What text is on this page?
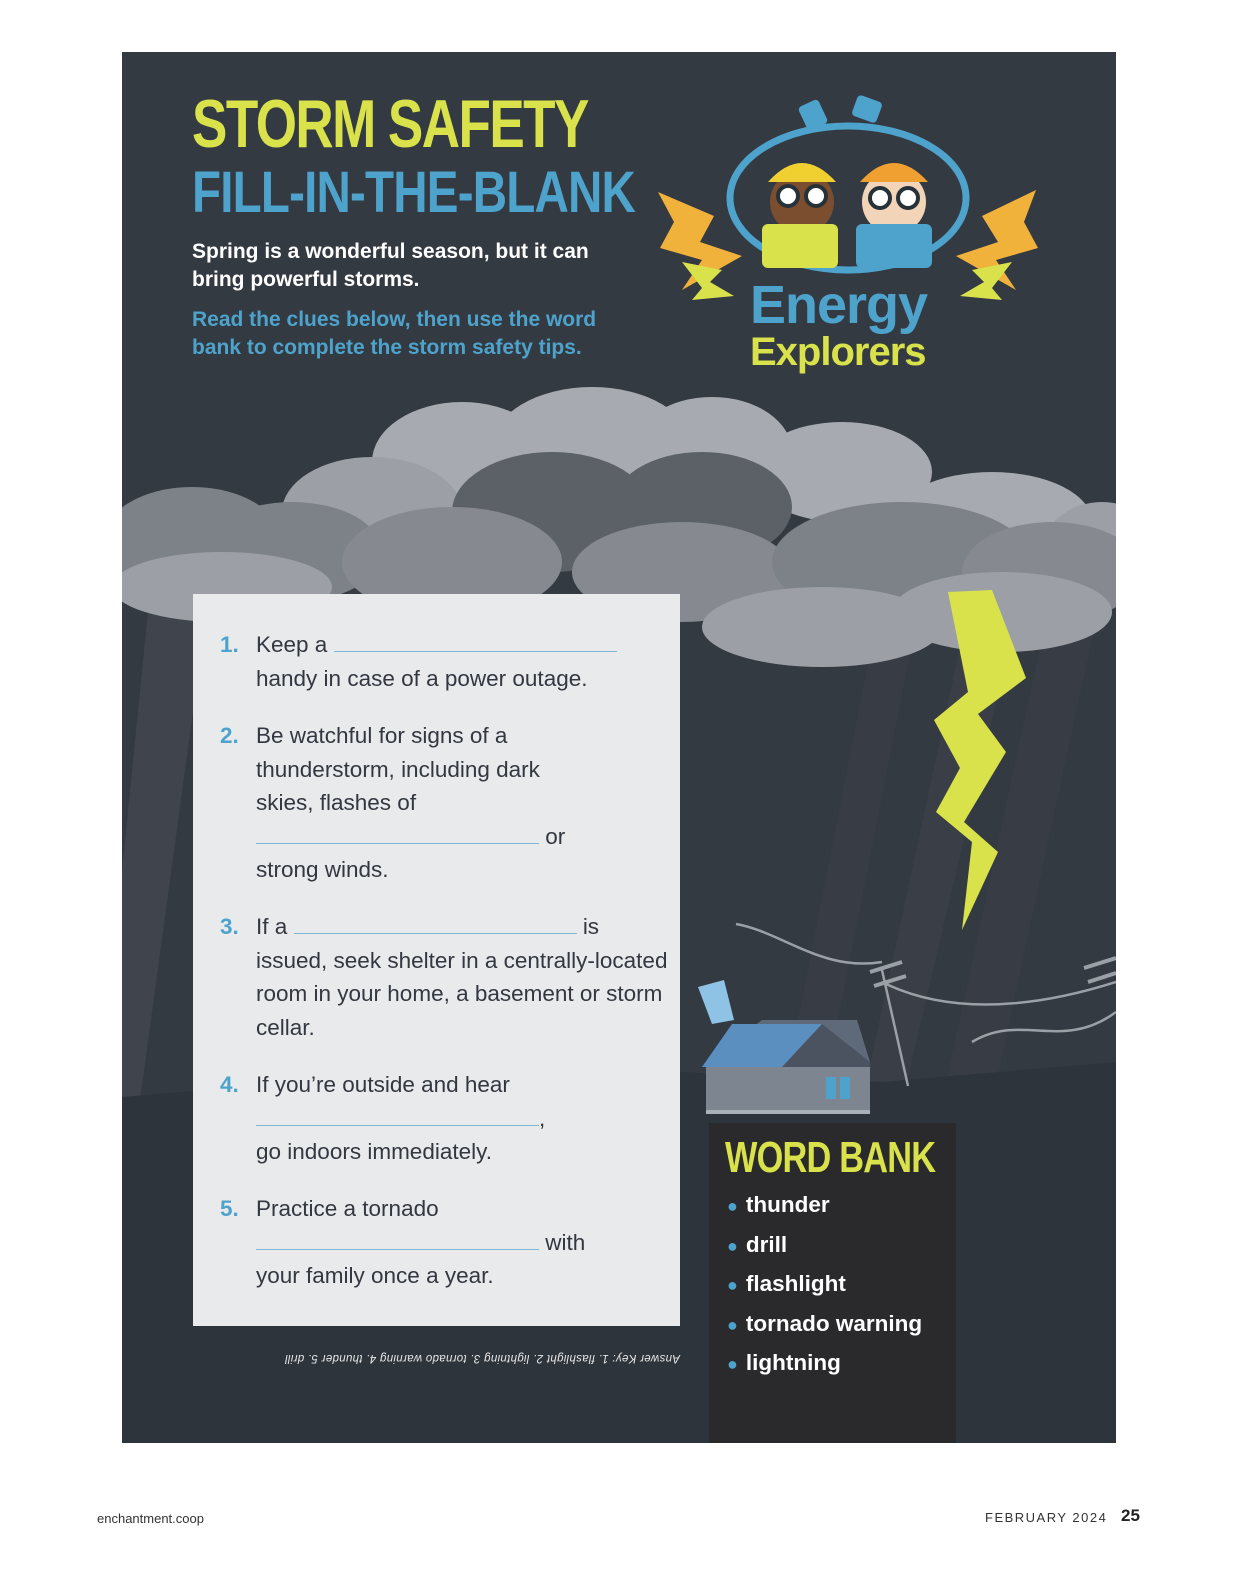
STORM SAFETY
FILL-IN-THE-BLANK
Spring is a wonderful season, but it can bring powerful storms.
Read the clues below, then use the word bank to complete the storm safety tips.
Energy
Explorers
1. Keep a
handy in case of a power outage.
2. Be watchful for signs of a thunderstorm, including dark skies, flashes of
or
strong winds.
3. If a	is
issued, seek shelter in a centrally-located room in your home, a basement or storm cellar.
4. If you’re outside and hear
,
go indoors immediately.
5. Practice a tornado
with
your family once a year.
Answer Key: 1. flashlight 2. lightning 3. tornado warning 4. thunder 5. drill
WORD BANK
● thunder
● drill
● flashlight
● tornado warning
● lightning
enchantment.coop	FEBRUARY 2024 25
